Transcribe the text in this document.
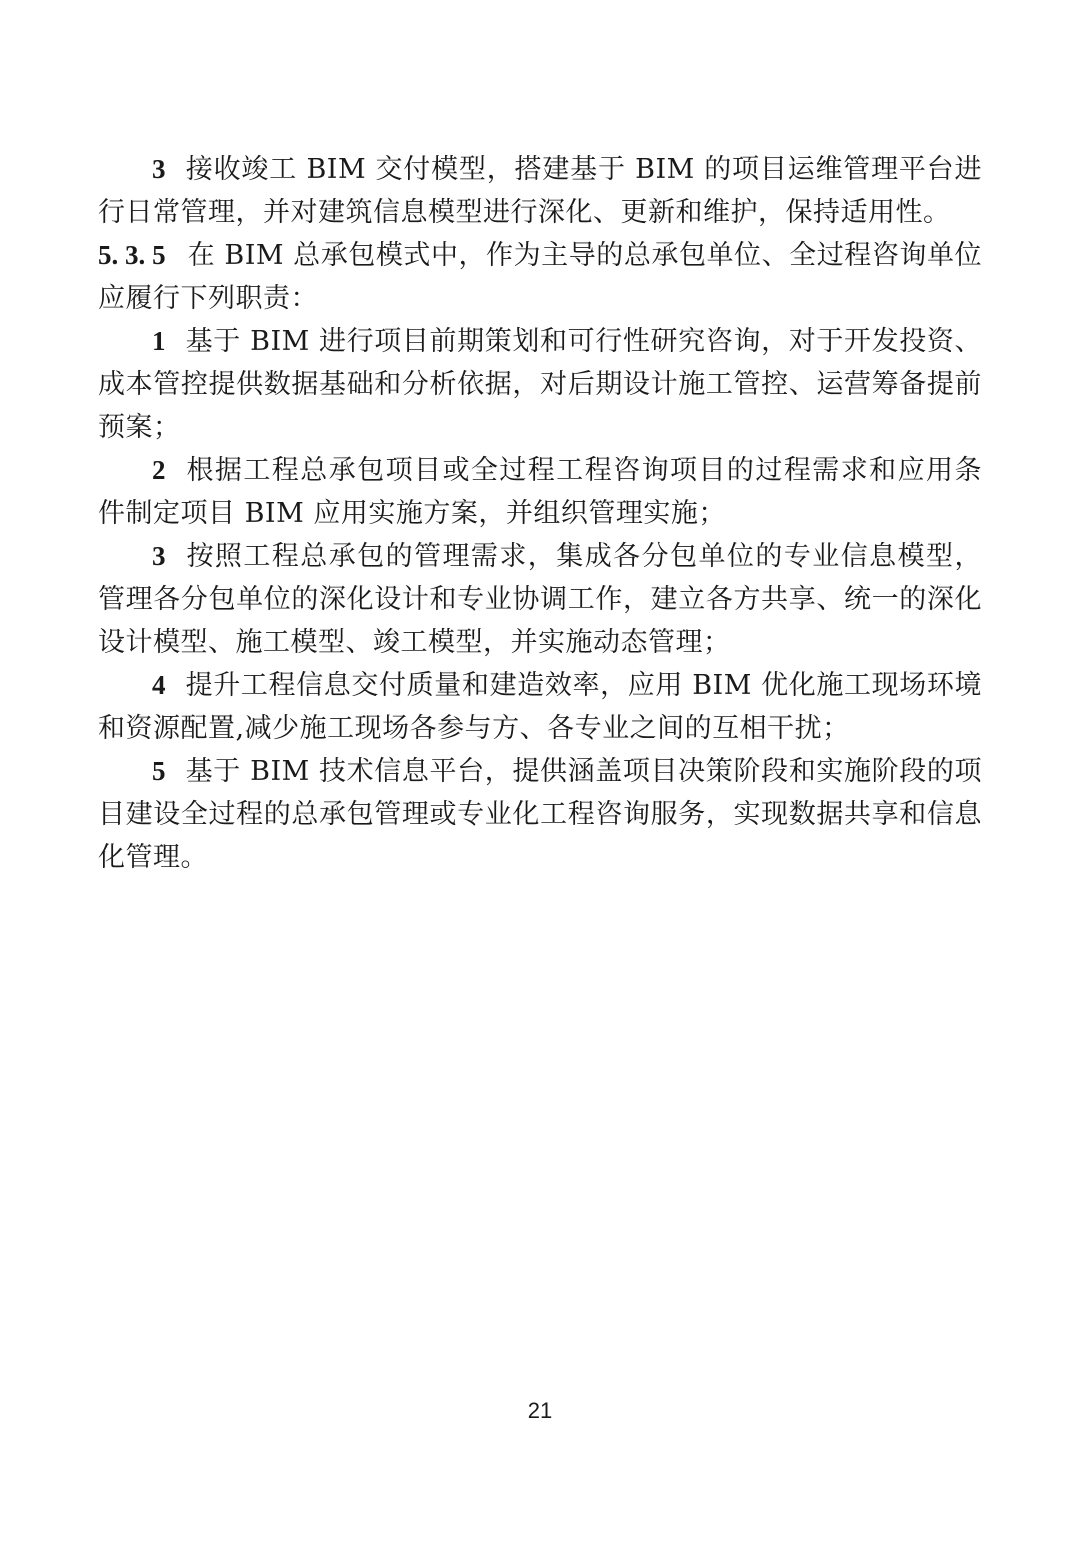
3 接收竣工 BIM 交付模型，搭建基于 BIM 的项目运维管理平台进行日常管理，并对建筑信息模型进行深化、更新和维护，保持适用性。

5. 3. 5 在 BIM 总承包模式中，作为主导的总承包单位、全过程咨询单位应履行下列职责：

1 基于 BIM 进行项目前期策划和可行性研究咨询，对于开发投资、成本管控提供数据基础和分析依据，对后期设计施工管控、运营筹备提前预案；

2 根据工程总承包项目或全过程工程咨询项目的过程需求和应用条件制定项目 BIM 应用实施方案，并组织管理实施；

3 按照工程总承包的管理需求，集成各分包单位的专业信息模型，管理各分包单位的深化设计和专业协调工作，建立各方共享、统一的深化设计模型、施工模型、竣工模型，并实施动态管理；

4 提升工程信息交付质量和建造效率，应用 BIM 优化施工现场环境和资源配置,减少施工现场各参与方、各专业之间的互相干扰；

5 基于 BIM 技术信息平台，提供涵盖项目决策阶段和实施阶段的项目建设全过程的总承包管理或专业化工程咨询服务，实现数据共享和信息化管理。

21
